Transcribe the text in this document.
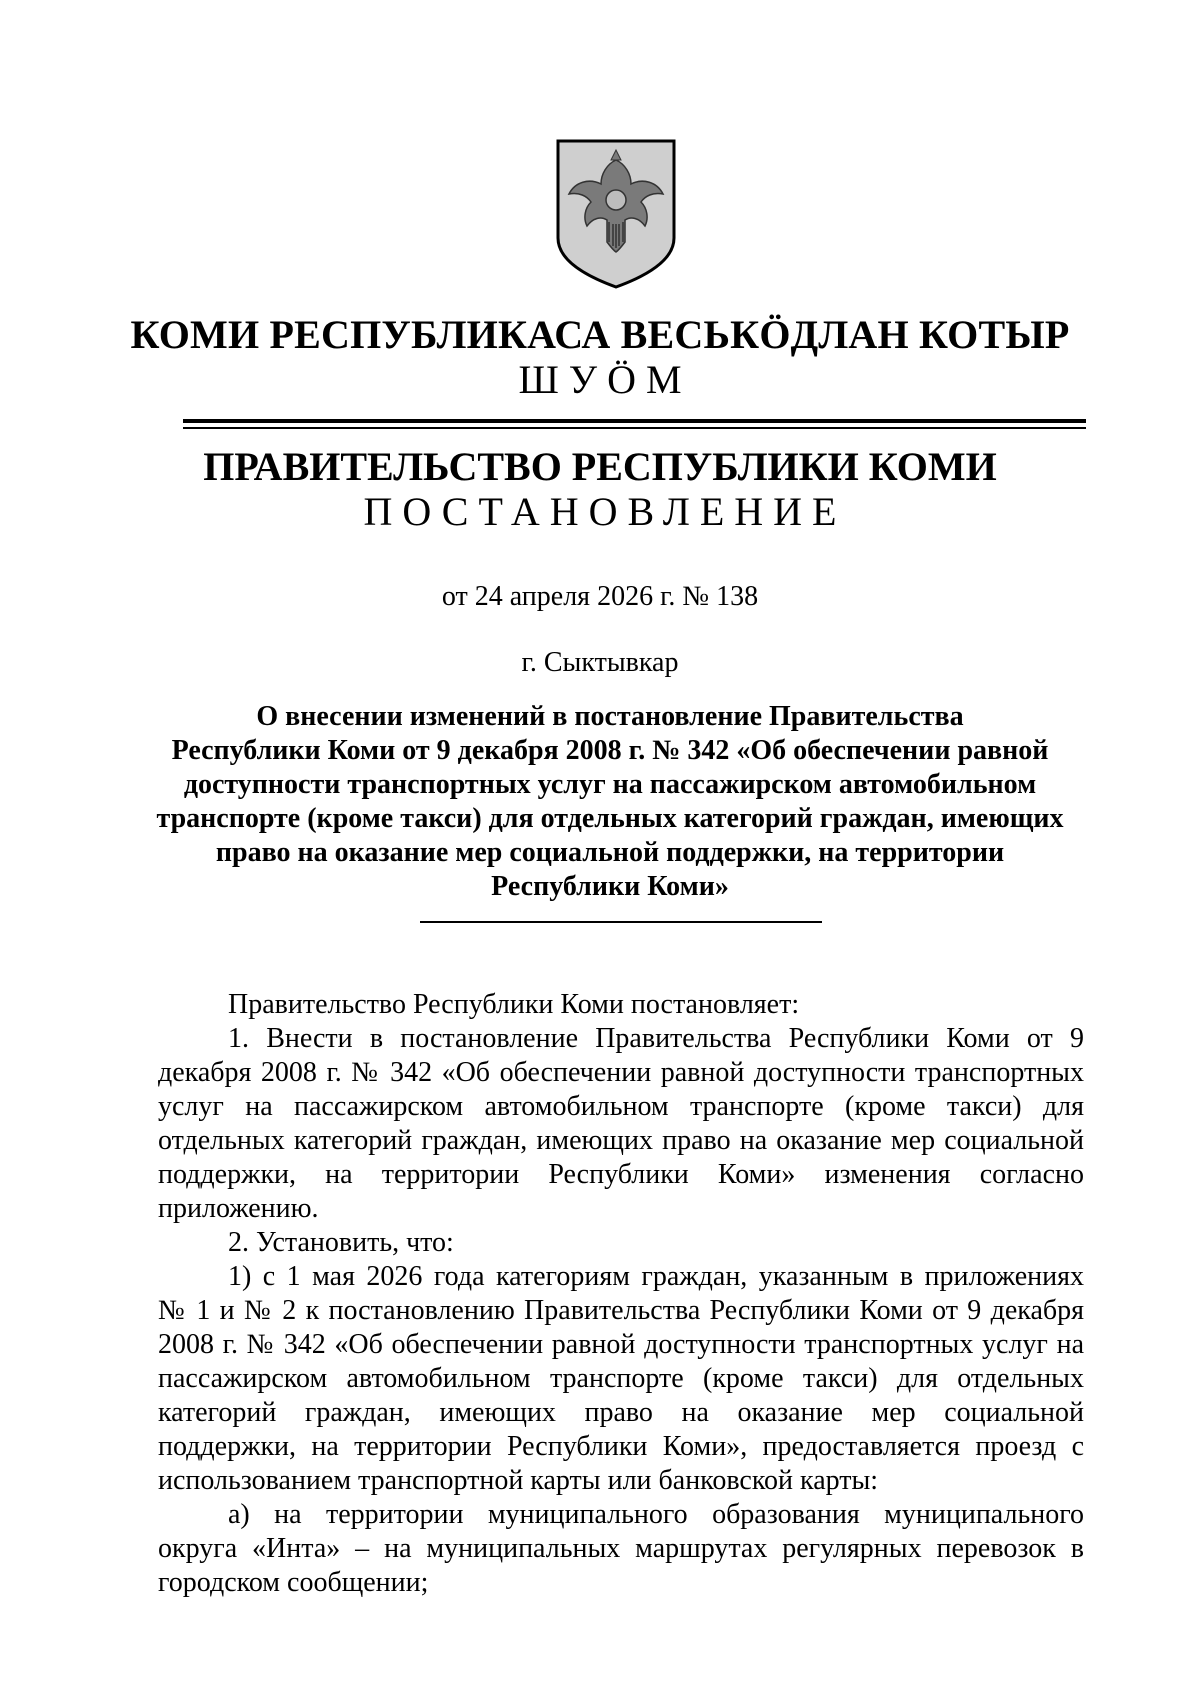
КОМИ РЕСПУБЛИКАСА ВЕСЬКӦДЛАН КОТЫР
ШУӦМ
ПРАВИТЕЛЬСТВО РЕСПУБЛИКИ КОМИ
ПОСТАНОВЛЕНИЕ
от 24 апреля 2026 г. № 138
г. Сыктывкар
О внесении изменений в постановление Правительства
Республики Коми от 9 декабря 2008 г. № 342 «Об обеспечении равной
доступности транспортных услуг на пассажирском автомобильном
транспорте (кроме такси) для отдельных категорий граждан, имеющих
право на оказание мер социальной поддержки, на территории
Республики Коми»
Правительство Республики Коми постановляет:
1. Внести в постановление Правительства Республики Коми от 9
декабря 2008 г. № 342 «Об обеспечении равной доступности транспортных
услуг на пассажирском автомобильном транспорте (кроме такси) для
отдельных категорий граждан, имеющих право на оказание мер социальной
поддержки, на территории Республики Коми» изменения согласно
приложению.
2. Установить, что:
1) с 1 мая 2026 года категориям граждан, указанным в приложениях
№ 1 и № 2 к постановлению Правительства Республики Коми от 9 декабря
2008 г. № 342 «Об обеспечении равной доступности транспортных услуг на
пассажирском автомобильном транспорте (кроме такси) для отдельных
категорий граждан, имеющих право на оказание мер социальной
поддержки, на территории Республики Коми», предоставляется проезд с
использованием транспортной карты или банковской карты:
а) на территории муниципального образования муниципального
округа «Инта» – на муниципальных маршрутах регулярных перевозок в
городском сообщении;
